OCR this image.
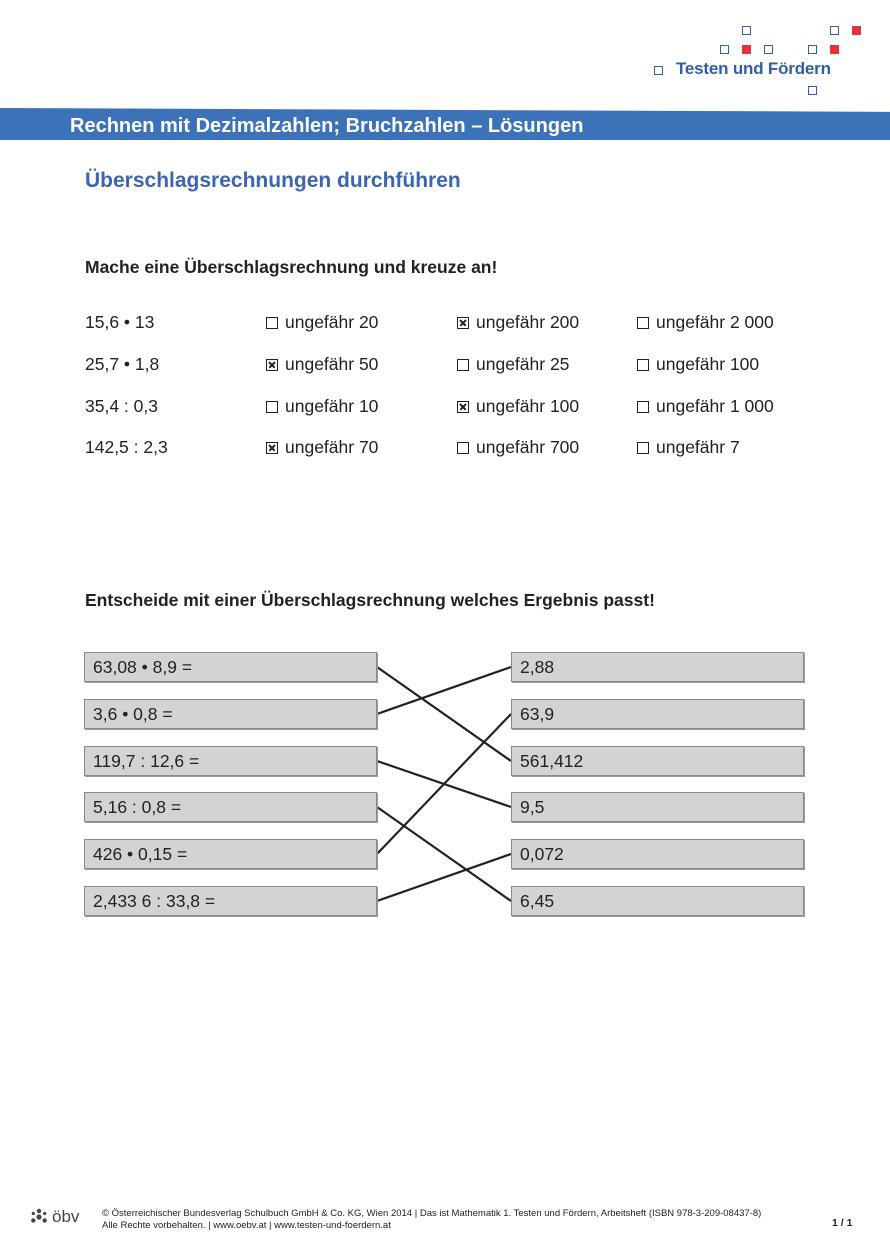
Testen und Fördern
Rechnen mit Dezimalzahlen; Bruchzahlen – Lösungen
Überschlagsrechnungen durchführen
Mache eine Überschlagsrechnung und kreuze an!
15,6 • 13	ungefähr 20	ungefähr 200	ungefähr 2 000
25,7 • 1,8	ungefähr 50	ungefähr 25	ungefähr 100
35,4 : 0,3	ungefähr 10	ungefähr 100	ungefähr 1 000
142,5 : 2,3	ungefähr 70	ungefähr 700	ungefähr 7
Entscheide mit einer Überschlagsrechnung welches Ergebnis passt!
63,08 • 8,9 =
3,6 • 0,8 =
119,7 : 12,6 =
5,16 : 0,8 =
426 • 0,15 =
2,433 6 : 33,8 =
2,88
63,9
561,412
9,5
0,072
6,45
öbv © Österreichischer Bundesverlag Schulbuch GmbH & Co. KG, Wien 2014 | Das ist Mathematik 1. Testen und Fördern, Arbeitsheft (ISBN 978-3-209-08437-8)
Alle Rechte vorbehalten. | www.oebv.at | www.testen-und-foerdern.at	1 / 1
